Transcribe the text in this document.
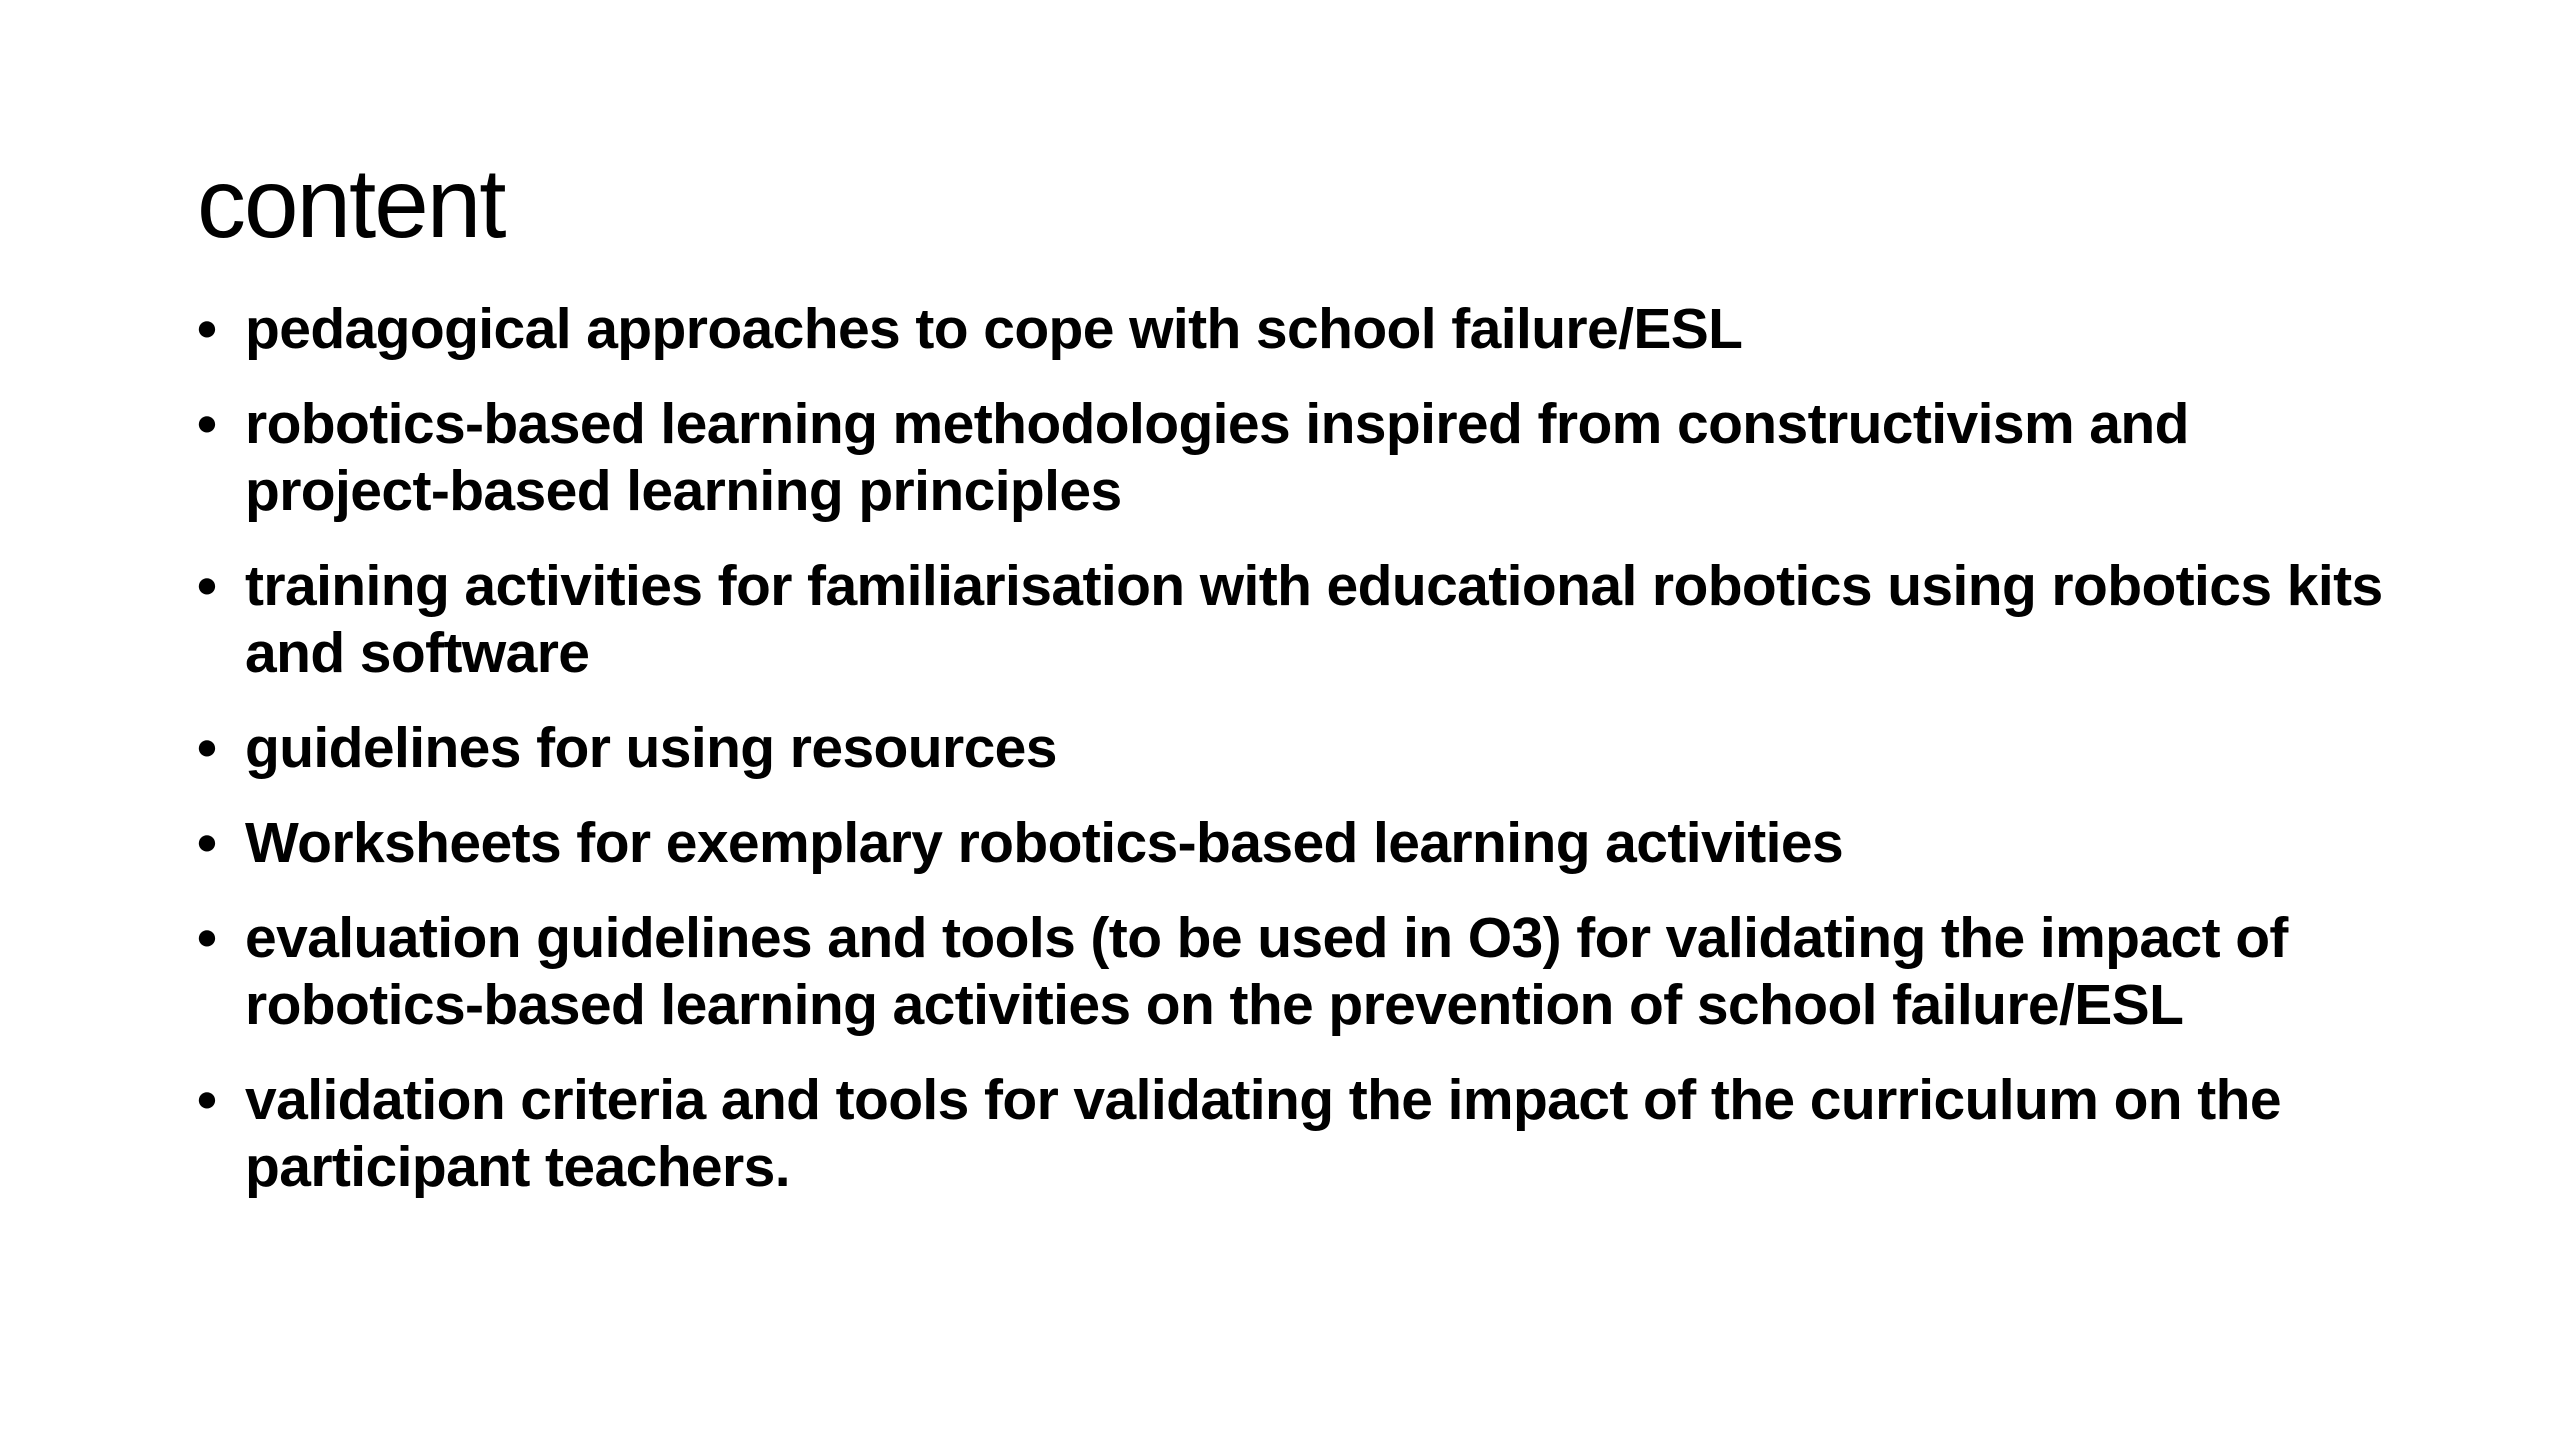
content
• pedagogical approaches to cope with school failure/ESL
• robotics-based learning methodologies inspired from constructivism and project-based learning principles
• training activities for familiarisation with educational robotics using robotics kits and software
• guidelines for using resources
• Worksheets for exemplary robotics-based learning activities
• evaluation guidelines and tools (to be used in O3) for validating the impact of robotics-based learning activities on the prevention of school failure/ESL
• validation criteria and tools for validating the impact of the curriculum on the participant teachers.
